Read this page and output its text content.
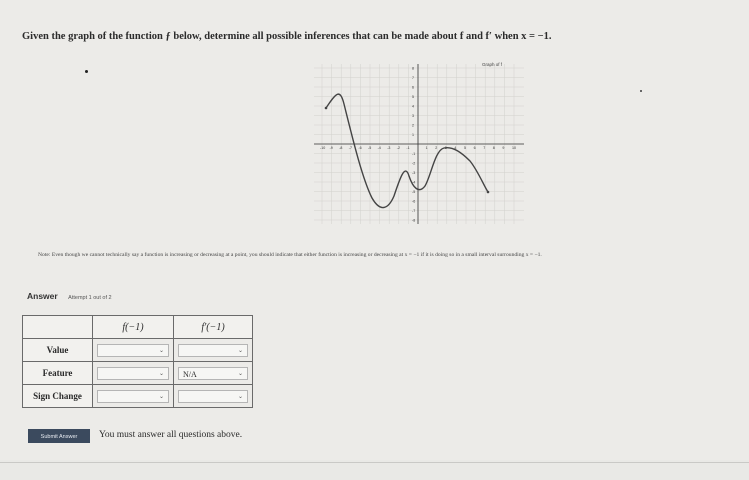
Given the graph of the function ƒ below, determine all possible inferences that can be made about f and f′ when x = −1.
-10 -9 -8 -7 -6 -5 -4 -3 -2 -1	1 2 3 4 5 6 7 8 9 10
8
7
6
5
4
3
2
1
-1
-2
-3
-4
-5
-6
-7
-8
Graph of f
Note: Even though we cannot technically say a function is increasing or decreasing at a point, you should indicate that either function is increasing or decreasing at x = −1 if it is doing so in a small interval surrounding x = −1.
Answer Attempt 1 out of 2
	f(−1)	f′(−1)
Value	⌄	⌄

Feature	⌄	N/A ⌄

Sign Change	⌄	⌄
Submit Answer	You must answer all questions above.
